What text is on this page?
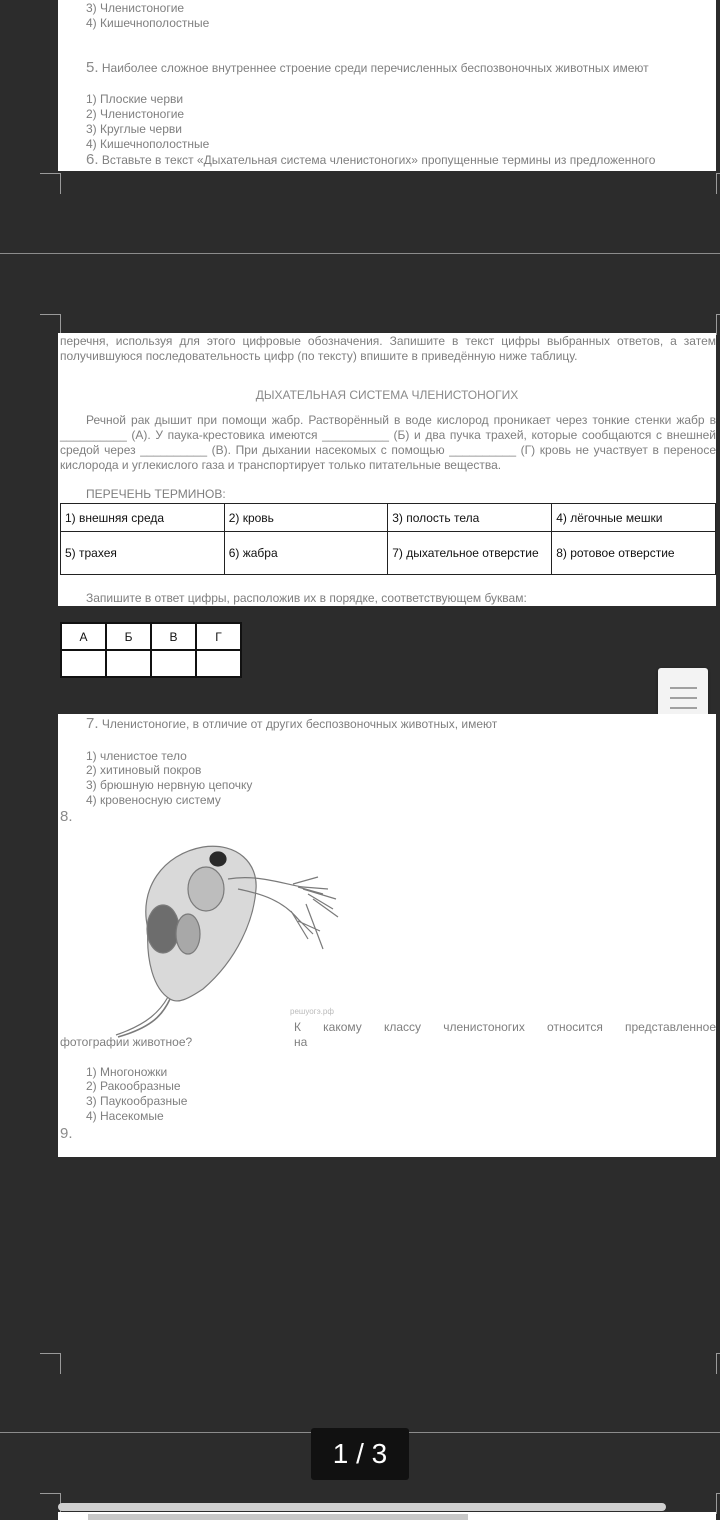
3) Членистоногие
4) Кишечнополостные
5. Наиболее сложное внутреннее строение среди перечисленных беспозвоночных животных имеют
1) Плоские черви
2) Членистоногие
3) Круглые черви
4) Кишечнополостные
6. Вставьте в текст «Дыхательная система членистоногих» пропущенные термины из предложенного
перечня, используя для этого цифровые обозначения. Запишите в текст цифры выбранных ответов, а затем получившуюся последовательность цифр (по тексту) впишите в приведённую ниже таблицу.
ДЫХАТЕЛЬНАЯ СИСТЕМА ЧЛЕНИСТОНОГИХ
Речной рак дышит при помощи жабр. Растворённый в воде кислород проникает через тонкие стенки жабр в __________ (А). У паука-крестовика имеются __________ (Б) и два пучка трахей, которые сообщаются с внешней средой через __________ (В). При дыхании насекомых с помощью __________ (Г) кровь не участвует в переносе кислорода и углекислого газа и транспортирует только питательные вещества.
ПЕРЕЧЕНЬ ТЕРМИНОВ:
1) внешняя среда	2) кровь	3) полость тела	4) лёгочные мешки
5) трахея	6) жабра	7) дыхательное отверстие	8) ротовое отверстие
Запишите в ответ цифры, расположив их в порядке, соответствующем буквам:
А	Б	В	Г

7. Членистоногие, в отличие от других беспозвоночных животных, имеют
1) членистое тело
2) хитиновый покров
3) брюшную нервную цепочку
4) кровеносную систему
8.
решуогэ.рф
К какому классу членистоногих относится представленное на
фотографии животное?
1) Многоножки
2) Ракообразные
3) Паукообразные
4) Насекомые
9.
1 / 3
